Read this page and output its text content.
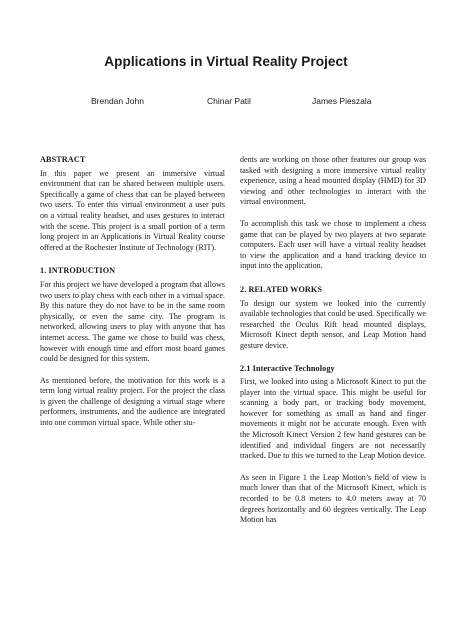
Applications in Virtual Reality Project
Brendan John	Chinar Patil	James Pieszala
ABSTRACT

In this paper we present an immersive virtual environment that can be shared between multiple users. Specifically a game of chess that can be played between two users. To enter this virtual environment a user puts on a virtual reality headset, and uses gestures to interact with the scene. This project is a small portion of a term long project in an Applications in Virtual Reality course offered at the Rochester Institute of Technology (RIT).

1. INTRODUCTION

For this project we have developed a program that allows two users to play chess with each other in a virtual space. By this nature they do not have to be in the same room physically, or even the same city. The program is networked, allowing users to play with anyone that has internet access. The game we chose to build was chess, however with enough time and effort most board games could be designed for this system.

As mentioned before, the motivation for this work is a term long virtual reality project. For the project the class is given the challenge of designing a virtual stage where performers, instruments, and the audience are integrated into one common virtual space. While other stu-

dents are working on those other features our group was tasked with designing a more immersive virtual reality experience, using a head mounted display (HMD) for 3D viewing and other technologies to interact with the virtual environment.

To accomplish this task we chose to implement a chess game that can be played by two players at two separate computers. Each user will have a virtual reality headset to view the application and a hand tracking device to input into the application.

2. RELATED WORKS

To design our system we looked into the currently available technologies that could be used. Specifically we researched the Oculus Rift head mounted displays, Microsoft Kinect depth sensor, and Leap Motion hand gesture device.

2.1 Interactive Technology

First, we looked into using a Microsoft Kinect to put the player into the virtual space. This might be useful for scanning a body part, or tracking body movement, however for something as small as hand and finger movements it might not be accurate enough. Even with the Microsoft Kinect Version 2 few hand gestures can be identified and individual fingers are not necessarily tracked. Due to this we turned to the Leap Motion device.

As seen in Figure 1 the Leap Motion’s field of view is much lower than that of the Microsoft Kinect, which is recorded to be 0.8 meters to 4.0 meters away at 70 degrees horizontally and 60 degrees vertically. The Leap Motion has
